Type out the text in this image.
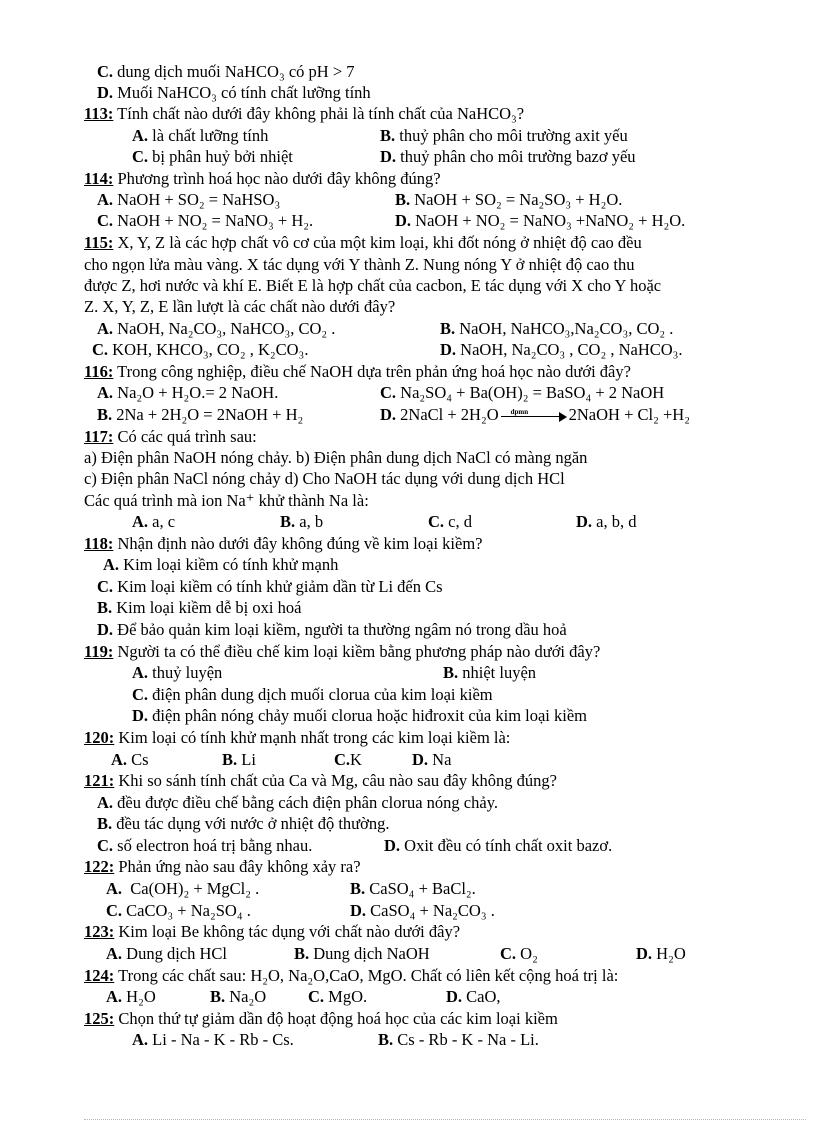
C. dung dịch muối NaHCO₃ có pH > 7
D. Muối NaHCO₃ có tính chất lưỡng tính
113: Tính chất nào dưới đây không phải là tính chất của NaHCO₃?
A. là chất lưỡng tính	B. thuỷ phân cho môi trường axit yếu
C. bị phân huỷ bởi nhiệt	D. thuỷ phân cho môi trường bazơ yếu
114: Phương trình hoá học nào dưới đây không đúng?
A. NaOH + SO₂ = NaHSO₃	B. NaOH + SO₂ = Na₂SO₃ + H₂O.
C. NaOH + NO₂ = NaNO₃ + H₂.	D. NaOH + NO₂ = NaNO₃ +NaNO₂ + H₂O.
115: X, Y, Z là các hợp chất vô cơ của một kim loại, khi đốt nóng ở nhiệt độ cao đều
cho ngọn lửa màu vàng. X tác dụng với Y thành Z. Nung nóng Y ở nhiệt độ cao thu
được Z, hơi nước và khí E. Biết E là hợp chất của cacbon, E tác dụng với X cho Y hoặc
Z. X, Y, Z, E lần lượt là các chất nào dưới đây?
A. NaOH, Na₂CO₃, NaHCO₃, CO₂ .	B. NaOH, NaHCO₃,Na₂CO₃, CO₂ .
C. KOH, KHCO₃, CO₂ , K₂CO₃.	D. NaOH, Na₂CO₃ , CO₂ , NaHCO₃.
116: Trong công nghiệp, điều chế NaOH dựa trên phản ứng hoá học nào dưới đây?
A. Na₂O + H₂O.= 2 NaOH.	C. Na₂SO₄ + Ba(OH)₂ = BaSO₄ + 2 NaOH
B. 2Na + 2H₂O = 2NaOH + H₂	D. 2NaCl + 2H₂O dpmn 2NaOH + Cl₂ +H₂
117: Có các quá trình sau:
a) Điện phân NaOH nóng chảy. b) Điện phân dung dịch NaCl có màng ngăn
c) Điện phân NaCl nóng chảy d) Cho NaOH tác dụng với dung dịch HCl
Các quá trình mà ion Na⁺ khử thành Na là:
A. a, c	B. a, b	C. c, d	D. a, b, d
118: Nhận định nào dưới đây không đúng về kim loại kiềm?
A. Kim loại kiềm có tính khử mạnh
C. Kim loại kiềm có tính khử giảm dần từ Li đến Cs
B. Kim loại kiềm dễ bị oxi hoá
D. Để bảo quản kim loại kiềm, người ta thường ngâm nó trong dầu hoả
119: Người ta có thể điều chế kim loại kiềm bằng phương pháp nào dưới đây?
A. thuỷ luyện	B. nhiệt luyện
C. điện phân dung dịch muối clorua của kim loại kiềm
D. điện phân nóng chảy muối clorua hoặc hiđroxit của kim loại kiềm
120: Kim loại có tính khử mạnh nhất trong các kim loại kiềm là:
A. Cs	B. Li	C.K	D. Na
121: Khi so sánh tính chất của Ca và Mg, câu nào sau đây không đúng?
A. đều được điều chế bằng cách điện phân clorua nóng chảy.
B. đều tác dụng với nước ở nhiệt độ thường.
C. số electron hoá trị bằng nhau.	D. Oxit đều có tính chất oxit bazơ.
122: Phản ứng nào sau đây không xảy ra?
A. Ca(OH)₂ + MgCl₂ .	B. CaSO₄ + BaCl₂.
C. CaCO₃ + Na₂SO₄ .	D. CaSO₄ + Na₂CO₃ .
123: Kim loại Be không tác dụng với chất nào dưới đây?
A. Dung dịch HCl	B. Dung dịch NaOH	C. O₂	D. H₂O
124: Trong các chất sau: H₂O, Na₂O,CaO, MgO. Chất có liên kết cộng hoá trị là:
A. H₂O	B. Na₂O	C. MgO.	D. CaO,
125: Chọn thứ tự giảm dần độ hoạt động hoá học của các kim loại kiềm
A. Li - Na - K - Rb - Cs.	B. Cs - Rb - K - Na - Li.
